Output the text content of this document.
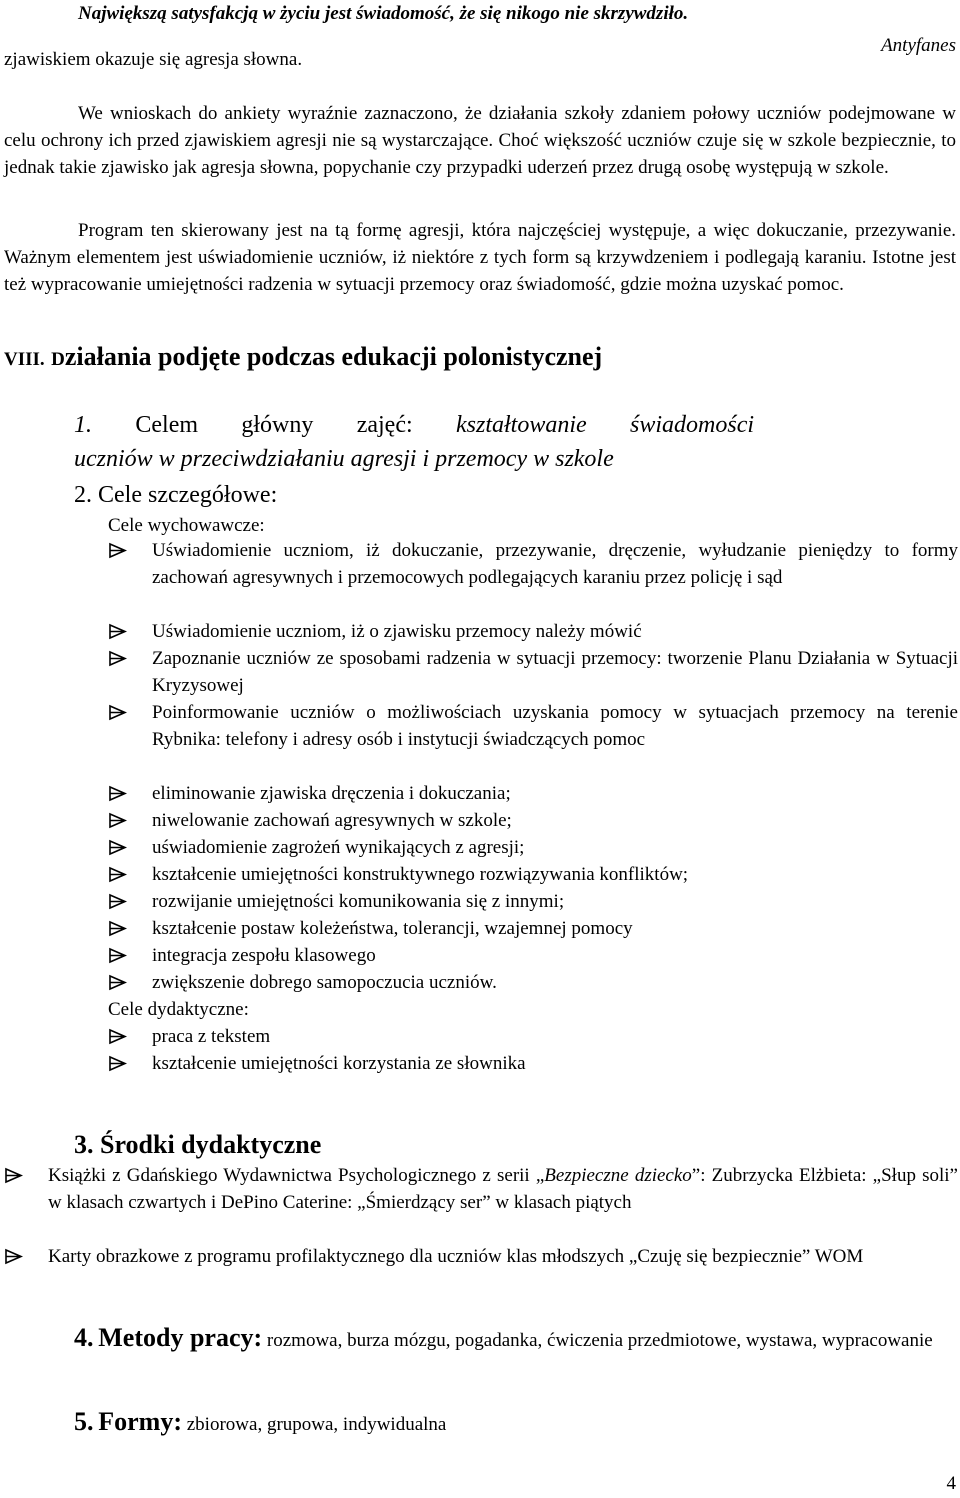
Największą satysfakcją w życiu jest świadomość, że się nikogo nie skrzywdziło.
Antyfanes
zjawiskiem okazuje się agresja słowna.
We wnioskach do ankiety wyraźnie zaznaczono, że działania szkoły zdaniem połowy uczniów podejmowane w celu ochrony ich przed zjawiskiem agresji nie są wystarczające. Choć większość uczniów czuje się w szkole bezpiecznie, to jednak takie zjawisko jak agresja słowna, popychanie czy przypadki uderzeń przez drugą osobę występują w szkole.
Program ten skierowany jest na tą formę agresji, która najczęściej występuje, a więc dokuczanie, przezywanie. Ważnym elementem jest uświadomienie uczniów, iż niektóre z tych form są krzywdzeniem i podlegają karaniu. Istotne jest też wypracowanie umiejętności radzenia w sytuacji przemocy oraz świadomość, gdzie można uzyskać pomoc.
VIII. Działania podjęte podczas edukacji polonistycznej
1. Celem główny zajęć: kształtowanie świadomości
uczniów w przeciwdziałaniu agresji i przemocy w szkole
2. Cele szczegółowe:
Cele wychowawcze:
Uświadomienie uczniom, iż dokuczanie, przezywanie, dręczenie, wyłudzanie pieniędzy to formy zachowań agresywnych i przemocowych podlegających karaniu przez policję i sąd
Uświadomienie uczniom, iż o zjawisku przemocy należy mówić
Zapoznanie uczniów ze sposobami radzenia w sytuacji przemocy: tworzenie Planu Działania w Sytuacji Kryzysowej
Poinformowanie uczniów o możliwościach uzyskania pomocy w sytuacjach przemocy na terenie Rybnika: telefony i adresy osób i instytucji świadczących pomoc
eliminowanie zjawiska dręczenia i dokuczania;
niwelowanie zachowań agresywnych w szkole;
uświadomienie zagrożeń wynikających z agresji;
kształcenie umiejętności konstruktywnego rozwiązywania konfliktów;
rozwijanie umiejętności komunikowania się z innymi;
kształcenie postaw koleżeństwa, tolerancji, wzajemnej pomocy
integracja zespołu klasowego
zwiększenie dobrego samopoczucia uczniów.
Cele dydaktyczne:
praca z tekstem
kształcenie umiejętności korzystania ze słownika
3. Środki dydaktyczne
Książki z Gdańskiego Wydawnictwa Psychologicznego z serii „Bezpieczne dziecko”: Zubrzycka Elżbieta: „Słup soli” w klasach czwartych i DePino Caterine: „Śmierdzący ser” w klasach piątych
Karty obrazkowe z programu profilaktycznego dla uczniów klas młodszych „Czuję się bezpiecznie” WOM
4. Metody pracy: rozmowa, burza mózgu, pogadanka, ćwiczenia przedmiotowe, wystawa, wypracowanie
5. Formy: zbiorowa, grupowa, indywidualna
4
